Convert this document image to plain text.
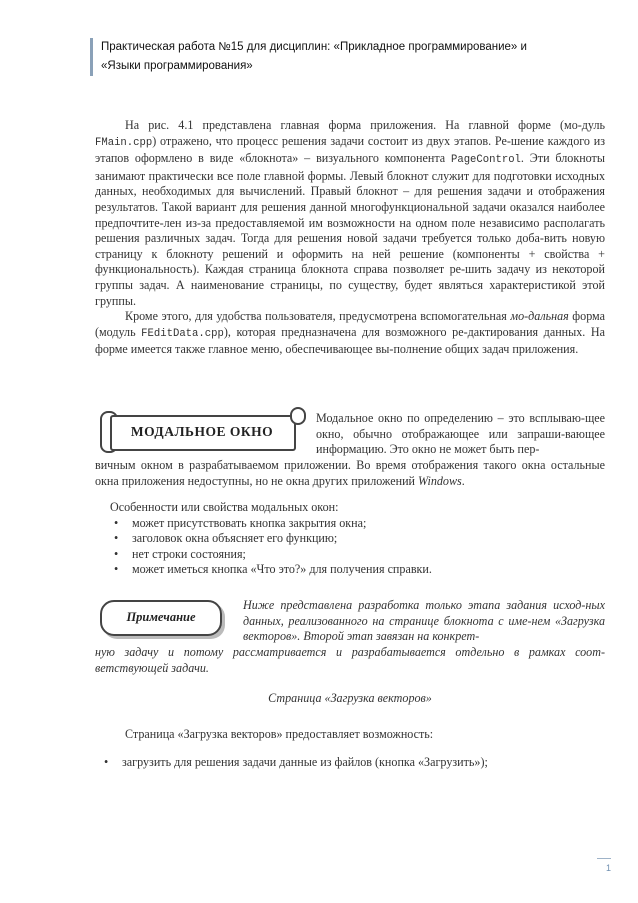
Практическая работа №15 для дисциплин: «Прикладное программирование» и
«Языки программирования»

На рис. 4.1 представлена главная форма приложения. На главной форме (мо-дуль FMain.cpp) отражено, что процесс решения задачи состоит из двух этапов. Ре-шение каждого из этапов оформлено в виде «блокнота» – визуального компонента PageControl. Эти блокноты занимают практически все поле главной формы. Левый блокнот служит для подготовки исходных данных, необходимых для вычислений. Правый блокнот – для решения задачи и отображения результатов. Такой вариант для решения данной многофункциональной задачи оказался наиболее предпочтите-лен из-за предоставляемой им возможности на одном поле независимо располагать решения различных задач. Тогда для решения новой задачи требуется только доба-вить новую страницу к блокноту решений и оформить на ней решение (компоненты + свойства + функциональность). Каждая страница блокнота справа позволяет ре-шить задачу из некоторой группы задач. А наименование страницы, по существу, будет являться характеристикой этой группы.

Кроме этого, для удобства пользователя, предусмотрена вспомогательная мо-дальная форма (модуль FEditData.cpp), которая предназначена для возможного ре-дактирования данных. На форме имеется также главное меню, обеспечивающее вы-полнение общих задач приложения.

МОДАЛЬНОЕ ОКНО
Модальное окно по определению – это всплываю-щее окно, обычно отображающее или запраши-вающее информацию. Это окно не может быть пер-
вичным окном в разрабатываемом приложении. Во время отображения такого окна остальные окна приложения недоступны, но не окна других приложений Windows.
Особенности или свойства модальных окон:
• может присутствовать кнопка закрытия окна;
• заголовок окна объясняет его функцию;
• нет строки состояния;
• может иметься кнопка «Что это?» для получения справки.
Примечание
Ниже представлена разработка только этапа задания исход-ных данных, реализованного на странице блокнота с име-нем «Загрузка векторов». Второй этап завязан на конкрет-
ную задачу и потому рассматривается и разрабатывается отдельно в рамках соот-ветствующей задачи.
Страница «Загрузка векторов»
Страница «Загрузка векторов» предоставляет возможность:
• загрузить для решения задачи данные из файлов (кнопка «Загрузить»);
1
